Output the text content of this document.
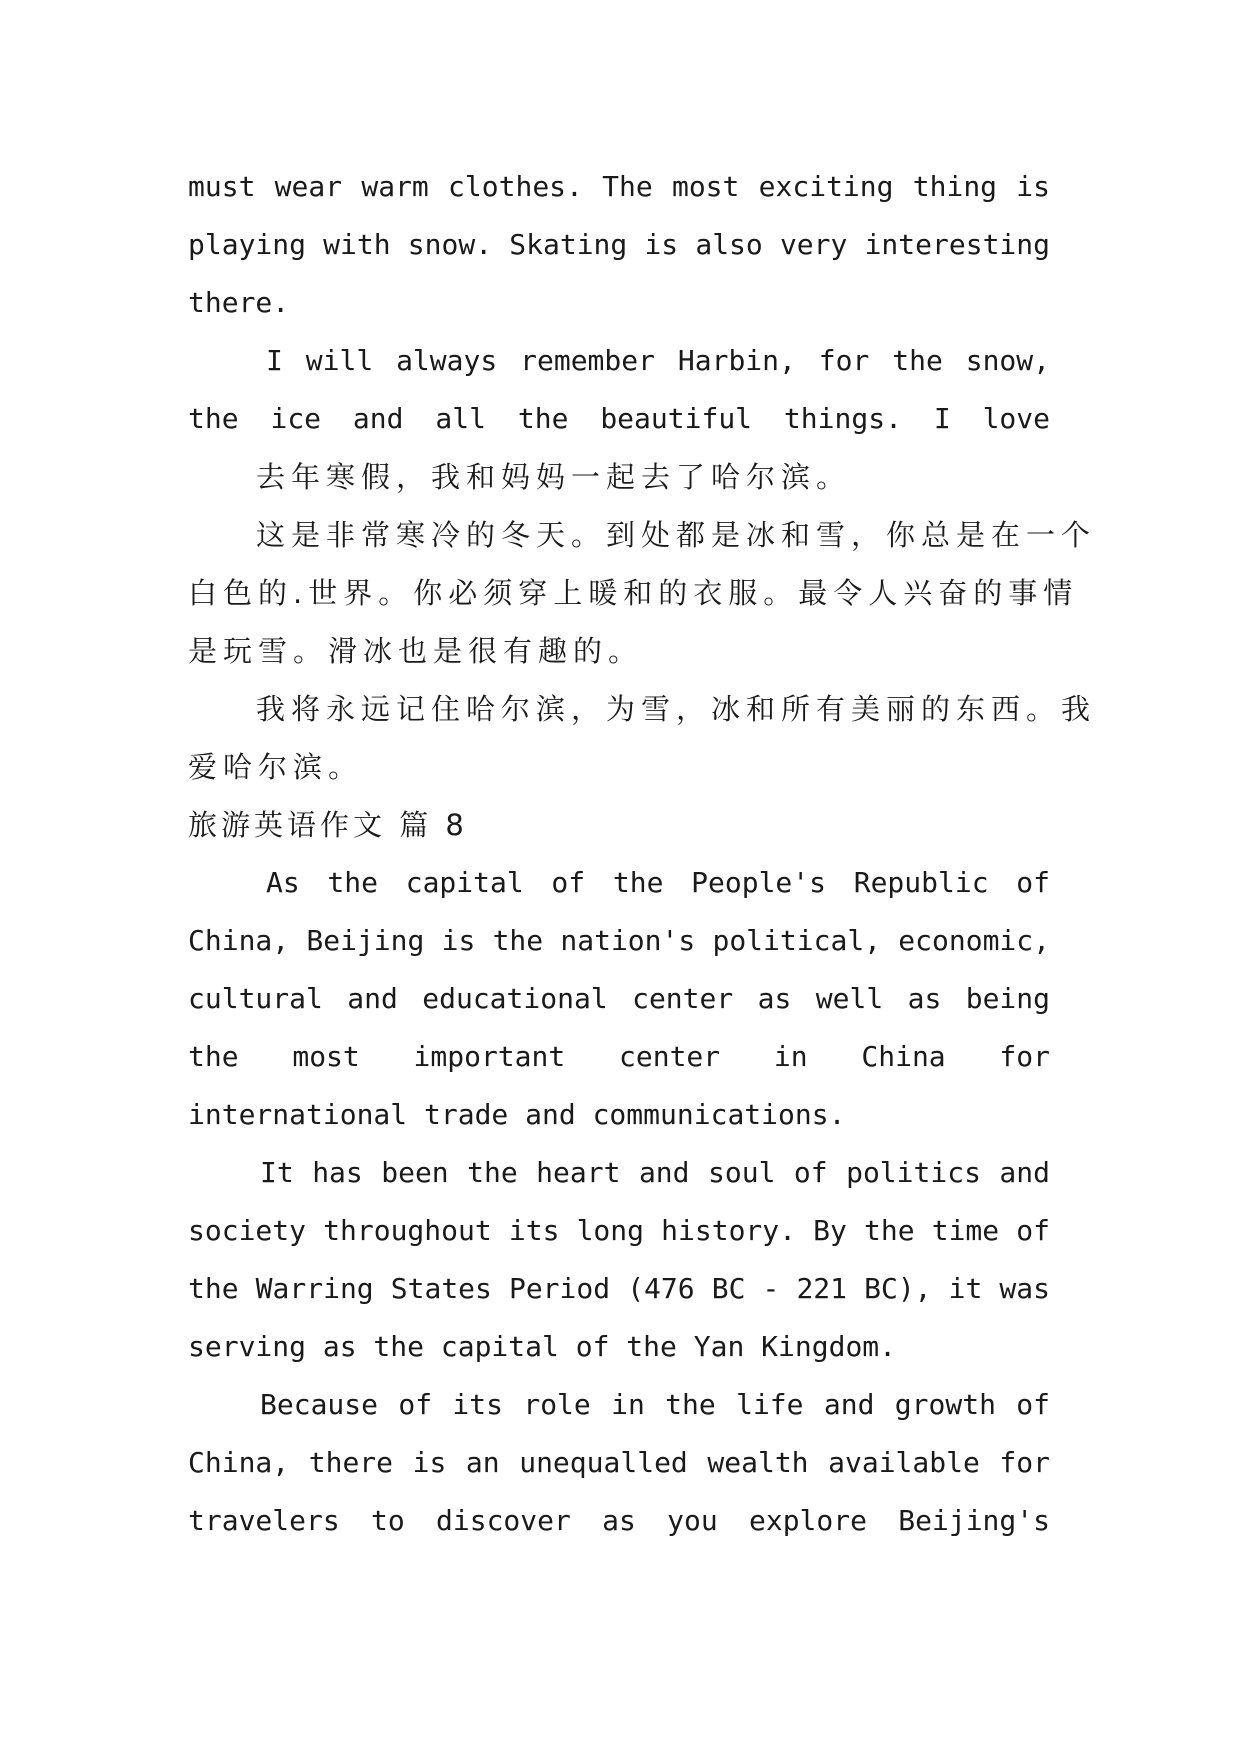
must wear warm clothes. The most exciting thing is
playing with snow. Skating is also very interesting
there.
I will always remember Harbin, for the snow,
the ice and all the beautiful things. I love
去年寒假，我和妈妈一起去了哈尔滨。
这是非常寒冷的冬天。到处都是冰和雪，你总是在一个
白色的.世界。你必须穿上暖和的衣服。最令人兴奋的事情
是玩雪。滑冰也是很有趣的。
我将永远记住哈尔滨，为雪，冰和所有美丽的东西。我
爱哈尔滨。
旅游英语作文 篇 8
As the capital of the People's Republic of
China, Beijing is the nation's political, economic,
cultural and educational center as well as being
the most important center in China for
international trade and communications.
It has been the heart and soul of politics and
society throughout its long history. By the time of
the Warring States Period (476 BC - 221 BC), it was
serving as the capital of the Yan Kingdom.
Because of its role in the life and growth of
China, there is an unequalled wealth available for
travelers to discover as you explore Beijing's
